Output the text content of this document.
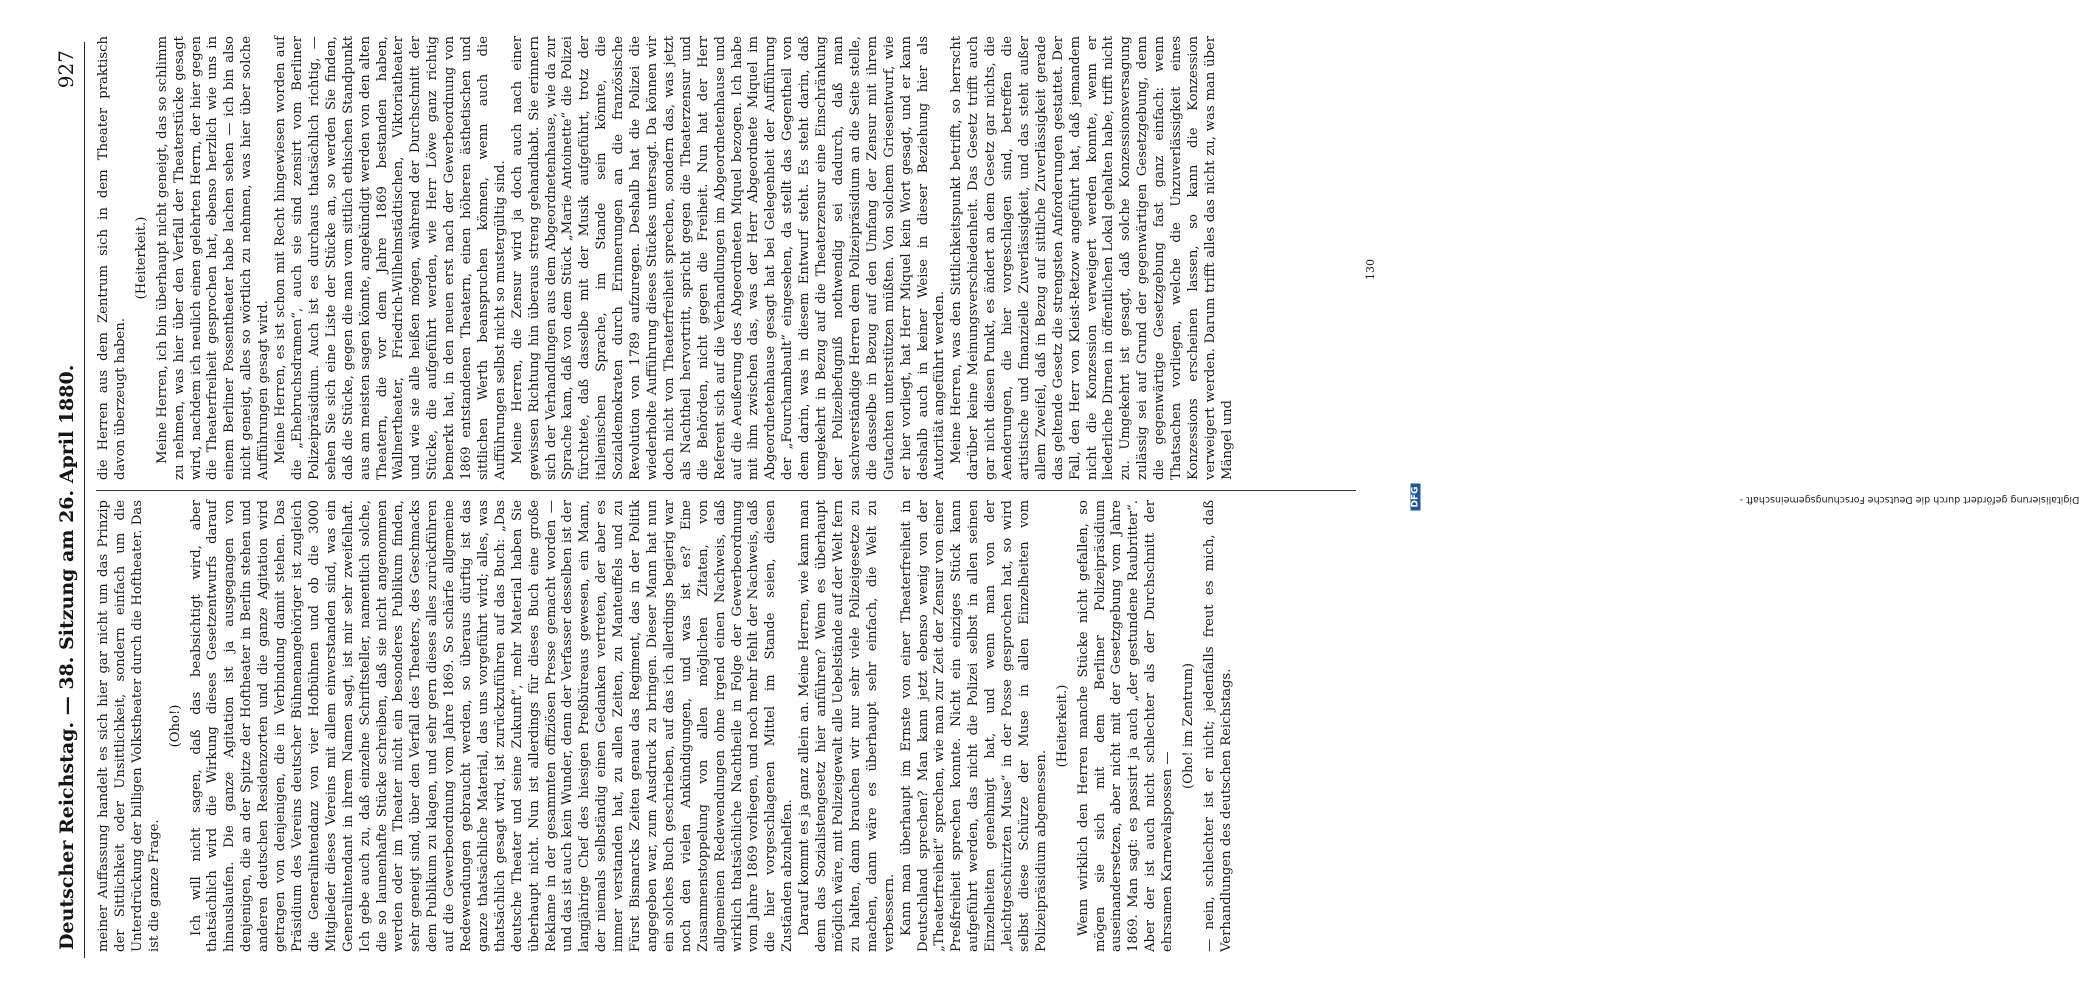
Deutscher Reichstag. — 38. Sitzung am 26. April 1880.
927

meiner Auffassung handelt es sich hier gar nicht um das Prinzip der Sittlichkeit oder Unsittlichkeit, sondern einfach um die Unterdrückung der billigen Volkstheater durch die Hoftheater. Das ist die ganze Frage.

(Oho!) Ich will nicht sagen, daß das beabsichtigt wird, aber thatsächlich wird die Wirkung dieses Gesetzentwurfs darauf hinauslaufen. Die ganze Agitation ist ja ausgegangen von denjenigen, die an der Spitze der Hoftheater in Berlin stehen und anderen deutschen Residenzorten und die ganze Agitation wird getragen von denjenigen, die in Verbindung damit stehen. Das Präsidium des Vereins deutscher Bühnenangehöriger ist zugleich die Generalintendanz von vier Hofbühnen und ob die 3000 Mitglieder dieses Vereins mit allem einverstanden sind, was ein Generalintendant in ihrem Namen sagt, ist mir sehr zweifelhaft. Ich gebe auch zu, daß einzelne Schriftsteller, namentlich solche, die so launenhafte Stücke schreiben, daß sie nicht angenommen werden oder im Theater nicht ein besonderes Publikum finden, sehr geneigt sind, über den Verfall des Theaters, des Geschmacks dem Publikum zu klagen, und sehr gern dieses alles zurückführen auf die Gewerbeordnung vom Jahre 1869. So schärfe allgemeine Redewendungen gebraucht werden, so überaus dürftig ist das ganze thatsächliche Material, das uns vorgeführt wird; alles, was thatsächlich gesagt wird, ist zurückzuführen auf das Buch: „Das deutsche Theater und seine Zukunft“, mehr Material haben Sie überhaupt nicht. Nun ist allerdings für dieses Buch eine große Reklame in der gesammten offiziösen Presse gemacht worden — und das ist auch kein Wunder, denn der Verfasser desselben ist der langjährige Chef des hiesigen Preßbüreaus gewesen, ein Mann, der niemals selbständig einen Gedanken vertreten, der aber es immer verstanden hat, zu allen Zeiten, zu Manteuffels und zu Fürst Bismarcks Zeiten genau das Regiment, das in der Politik angegeben war, zum Ausdruck zu bringen. Dieser Mann hat nun ein solches Buch geschrieben, auf das ich allerdings begierig war noch den vielen Ankündigungen, und was ist es? Eine Zusammenstoppelung von allen möglichen Zitaten, von allgemeinen Redewendungen ohne irgend einen Nachweis, daß wirklich thatsächliche Nachtheile in Folge der Gewerbeordnung vom Jahre 1869 vorliegen, und noch mehr fehlt der Nachweis, daß die hier vorgeschlagenen Mittel im Stande seien, diesen Zuständen abzuhelfen. Darauf kommt es ja ganz allein an. Meine Herren, wie kann man denn das Sozialistengesetz hier anführen? Wenn es überhaupt möglich wäre, mit Polizeigewalt alle Uebelstände auf der Welt fern zu halten, dann brauchen wir nur sehr viele Polizeigesetze zu machen, dann wäre es überhaupt sehr einfach, die Welt zu verbessern. Kann man überhaupt im Ernste von einer Theaterfreiheit in Deutschland sprechen? Man kann jetzt ebenso wenig von der „Theaterfreiheit“ sprechen, wie man zur Zeit der Zensur von einer Preßfreiheit sprechen konnte. Nicht ein einziges Stück kann aufgeführt werden, das nicht die Polizei selbst in allen seinen Einzelheiten genehmigt hat, und wenn man von der „leichtgeschürzten Muse“ in der Posse gesprochen hat, so wird selbst diese Schürze der Muse in allen Einzelheiten vom Polizeipräsidium abgemessen.

(Heiterkeit.) Wenn wirklich den Herren manche Stücke nicht gefallen, so mögen sie sich mit dem Berliner Polizeipräsidium auseinandersetzen, aber nicht mit der Gesetzgebung vom Jahre 1869. Man sagt: es passirt ja auch „der gestundene Raubritter“. Aber der ist auch nicht schlechter als der Durchschnitt der ehrsamen Karnevalspossen —

(Oho! im Zentrum) — nein, schlechter ist er nicht; jedenfalls freut es mich, daß Verhandlungen des deutschen Reichstags.

die Herren aus dem Zentrum sich in dem Theater praktisch davon überzeugt haben.

(Heiterkeit.) Meine Herren, ich bin überhaupt nicht geneigt, das so schlimm zu nehmen, was hier über den Verfall der Theaterstücke gesagt wird, nachdem ich neulich einen gelehrten Herrn, der hier gegen die Theaterfreiheit gesprochen hat, ebenso herzlich wie uns in einem Berliner Possentheater habe lachen sehen — ich bin also nicht geneigt, alles so wörtlich zu nehmen, was hier über solche Aufführungen gesagt wird. Meine Herren, es ist schon mit Recht hingewiesen worden auf die „Ehebruchsdramen“, auch sie sind zensirt vom Berliner Polizeipräsidium. Auch ist es durchaus thatsächlich richtig, — sehen Sie sich eine Liste der Stücke an, so werden Sie finden, daß die Stücke, gegen die man vom sittlich ethischen Standpunkt aus am meisten sagen könnte, angekündigt werden von den alten Theatern, die vor dem Jahre 1869 bestanden haben, Wallnertheater, Friedrich-Wilhelmstädtischen, Viktoriatheater und wie sie alle heißen mögen, während der Durchschnitt der Stücke, die aufgeführt werden, wie Herr Löwe ganz richtig bemerkt hat, in den neuen erst nach der Gewerbeordnung von 1869 entstandenen Theatern, einen höheren ästhetischen und sittlichen Werth beanspruchen können, wenn auch die Aufführungen selbst nicht so mustergültig sind. Meine Herren, die Zensur wird ja doch auch nach einer gewissen Richtung hin überaus streng gehandhabt. Sie erinnern sich der Verhandlungen aus dem Abgeordnetenhause, wie da zur Sprache kam, daß von dem Stück „Marie Antoinette“ die Polizei fürchtete, daß dasselbe mit der Musik aufgeführt, trotz der italienischen Sprache, im Stande sein könnte, die Sozialdemokraten durch Erinnerungen an die französische Revolution von 1789 aufzuregen. Deshalb hat die Polizei die wiederholte Aufführung dieses Stückes untersagt. Da können wir doch nicht von Theaterfreiheit sprechen, sondern das, was jetzt als Nachtheil hervortritt, spricht gegen die Theaterzensur und die Behörden, nicht gegen die Freiheit. Nun hat der Herr Referent sich auf die Verhandlungen im Abgeordnetenhause und auf die Aeußerung des Abgeordneten Miquel bezogen. Ich habe mit ihm zwischen das, was der Herr Abgeordnete Miquel im Abgeordnetenhause gesagt hat bei Gelegenheit der Aufführung der „Fourchambault“ eingesehen, da stellt das Gegentheil von dem darin, was in diesem Entwurf steht. Es steht darin, daß umgekehrt in Bezug auf die Theaterzensur eine Einschränkung der Polizeibefugniß nothwendig sei dadurch, daß man sachverständige Herren dem Polizeipräsidium an die Seite stelle, die dasselbe in Bezug auf den Umfang der Zensur mit ihrem Gutachten unterstützen müßten. Von solchem Griesentwurf, wie er hier vorliegt, hat Herr Miquel kein Wort gesagt, und er kann deshalb auch in keiner Weise in dieser Beziehung hier als Autorität angeführt werden. Meine Herren, was den Sittlichkeitspunkt betrifft, so herrscht darüber keine Meinungsverschiedenheit. Das Gesetz trifft auch gar nicht diesen Punkt, es ändert an dem Gesetz gar nichts, die Aenderungen, die hier vorgeschlagen sind, betreffen die artistische und finanzielle Zuverlässigkeit, und das steht außer allem Zweifel, daß in Bezug auf sittliche Zuverlässigkeit gerade das geltende Gesetz die strengsten Anforderungen gestattet. Der Fall, den Herr von Kleist-Retzow angeführt hat, daß jemandem nicht die Konzession verweigert werden konnte, wenn er liederliche Dirnen in öffentlichen Lokal gehalten habe, trifft nicht zu. Umgekehrt ist gesagt, daß solche Konzessionsversagung zulässig sei auf Grund der gegenwärtigen Gesetzgebung, denn die gegenwärtige Gesetzgebung fast ganz einfach: wenn Thatsachen vorliegen, welche die Unzuverlässigkeit eines Konzessions erscheinen lassen, so kann die Konzession verweigert werden. Darum trifft alles das nicht zu, was man über Mängel und

130
Digitalisierung gefördert durch die Deutsche Forschungsgemeinschaft -
DFG
